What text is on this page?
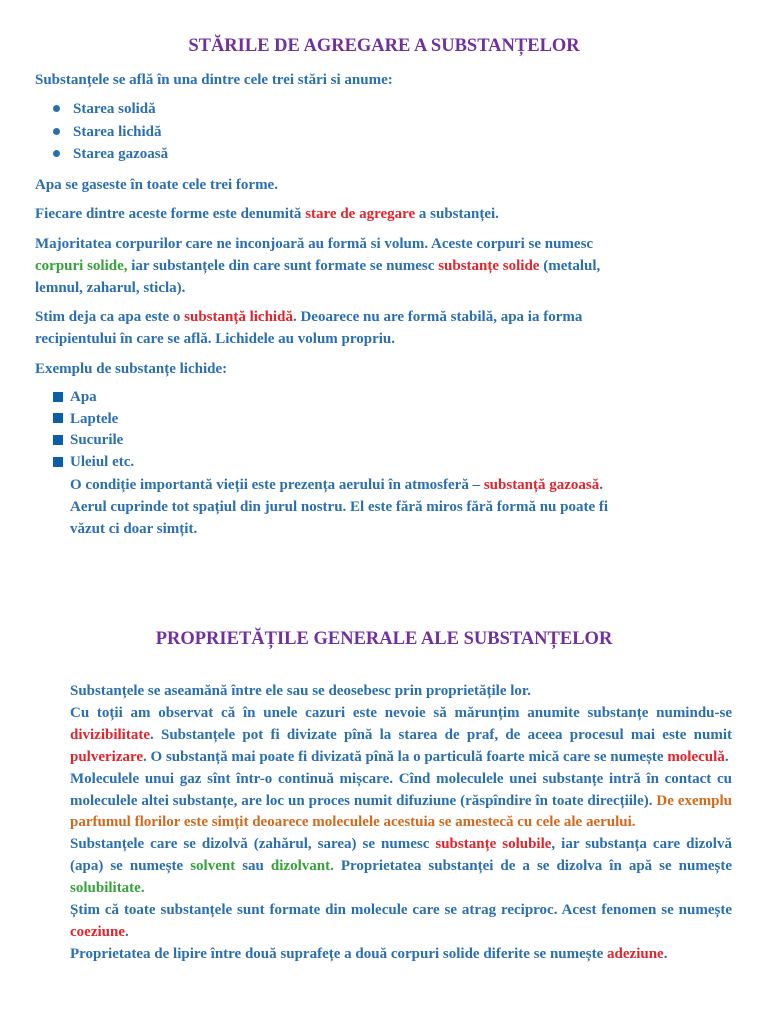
STĂRILE DE AGREGARE A SUBSTANȚELOR

Substanțele se află în una dintre cele trei stări si anume:

Starea solidă
Starea lichidă
Starea gazoasă

Apa se gaseste în toate cele trei forme.

Fiecare dintre aceste forme este denumită stare de agregare a substanței.

Majoritatea corpurilor care ne inconjoară au formă si volum. Aceste corpuri se numesc

corpuri solide, iar substanțele din care sunt formate se numesc substanțe solide (metalul,

lemnul, zaharul, sticla).

Stim deja ca apa este o substanță lichidă. Deoarece nu are formă stabilă, apa ia forma

recipientului în care se află. Lichidele au volum propriu.

Exemplu de substanțe lichide:

Apa
Laptele
Sucurile
Uleiul etc.

O condiție importantă vieții este prezența aerului în atmosferă – substanță gazoasă.

Aerul cuprinde tot spațiul din jurul nostru. El este fără miros fără formă nu poate fi

văzut ci doar simțit.

PROPRIETĂȚILE GENERALE ALE SUBSTANȚELOR

Substanțele se aseamănă între ele sau se deosebesc prin proprietățile lor.

Cu toții am observat că în unele cazuri este nevoie să mărunțim anumite substanțe numindu-se divizibilitate. Substanțele pot fi divizate pînă la starea de praf, de aceea procesul mai este numit pulverizare. O substanță mai poate fi divizată pînă la o particulă foarte mică care se numește moleculă.

Moleculele unui gaz sînt într-o continuă mișcare. Cînd moleculele unei substanțe intră în contact cu moleculele altei substanțe, are loc un proces numit difuziune (răspîndire în toate direcțiile). De exemplu parfumul florilor este simțit deoarece moleculele acestuia se amestecă cu cele ale aerului.

Substanțele care se dizolvă (zahărul, sarea) se numesc substanțe solubile, iar substanța care dizolvă (apa) se numește solvent sau dizolvant. Proprietatea substanței de a se dizolva în apă se numește solubilitate.

Știm că toate substanțele sunt formate din molecule care se atrag reciproc. Acest fenomen se numește coeziune.

Proprietatea de lipire între două suprafețe a două corpuri solide diferite se numește adeziune.
